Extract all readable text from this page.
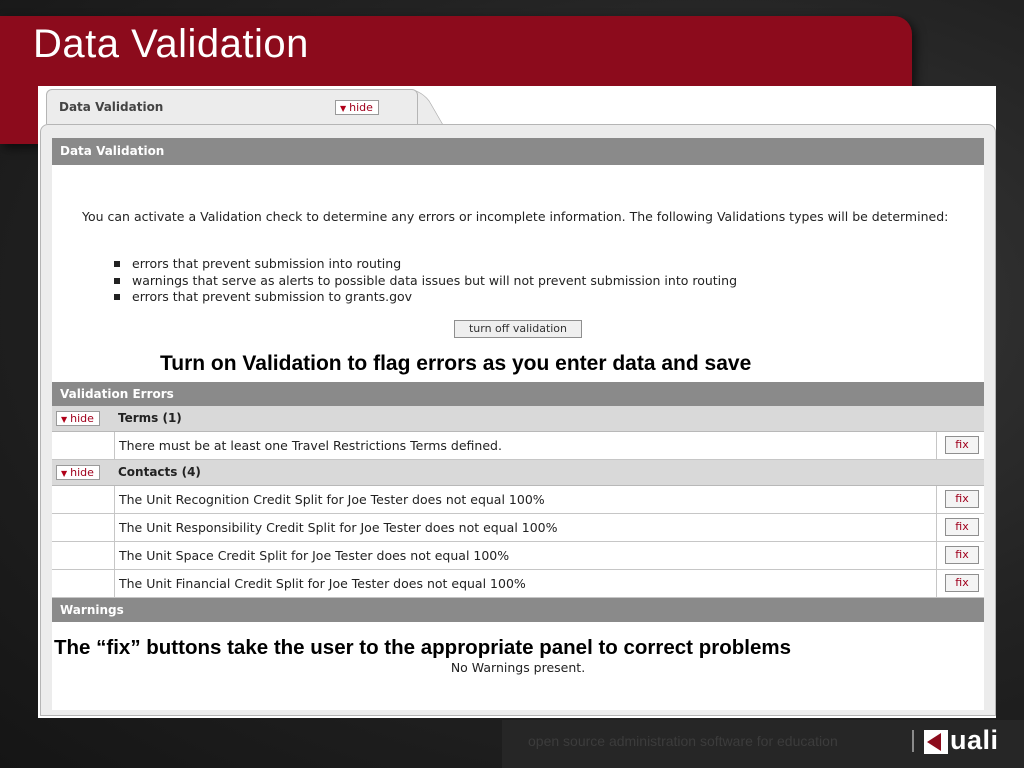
Data Validation
Data Validation	▼ hide
Data Validation
You can activate a Validation check to determine any errors or incomplete information. The following Validations types will be determined:
errors that prevent submission into routing
warnings that serve as alerts to possible data issues but will not prevent submission into routing
errors that prevent submission to grants.gov
turn off validation
Validation Errors
▼ hide	Terms (1)
There must be at least one Travel Restrictions Terms defined.	fix
▼ hide	Contacts (4)
The Unit Recognition Credit Split for Joe Tester does not equal 100%	fix
The Unit Responsibility Credit Split for Joe Tester does not equal 100%	fix
The Unit Space Credit Split for Joe Tester does not equal 100%	fix
The Unit Financial Credit Split for Joe Tester does not equal 100%	fix
Warnings
No Warnings present.
Turn on Validation to flag errors as you enter data and save
The “fix” buttons take the user to the appropriate panel to correct problems
open source administration software for education	uali
